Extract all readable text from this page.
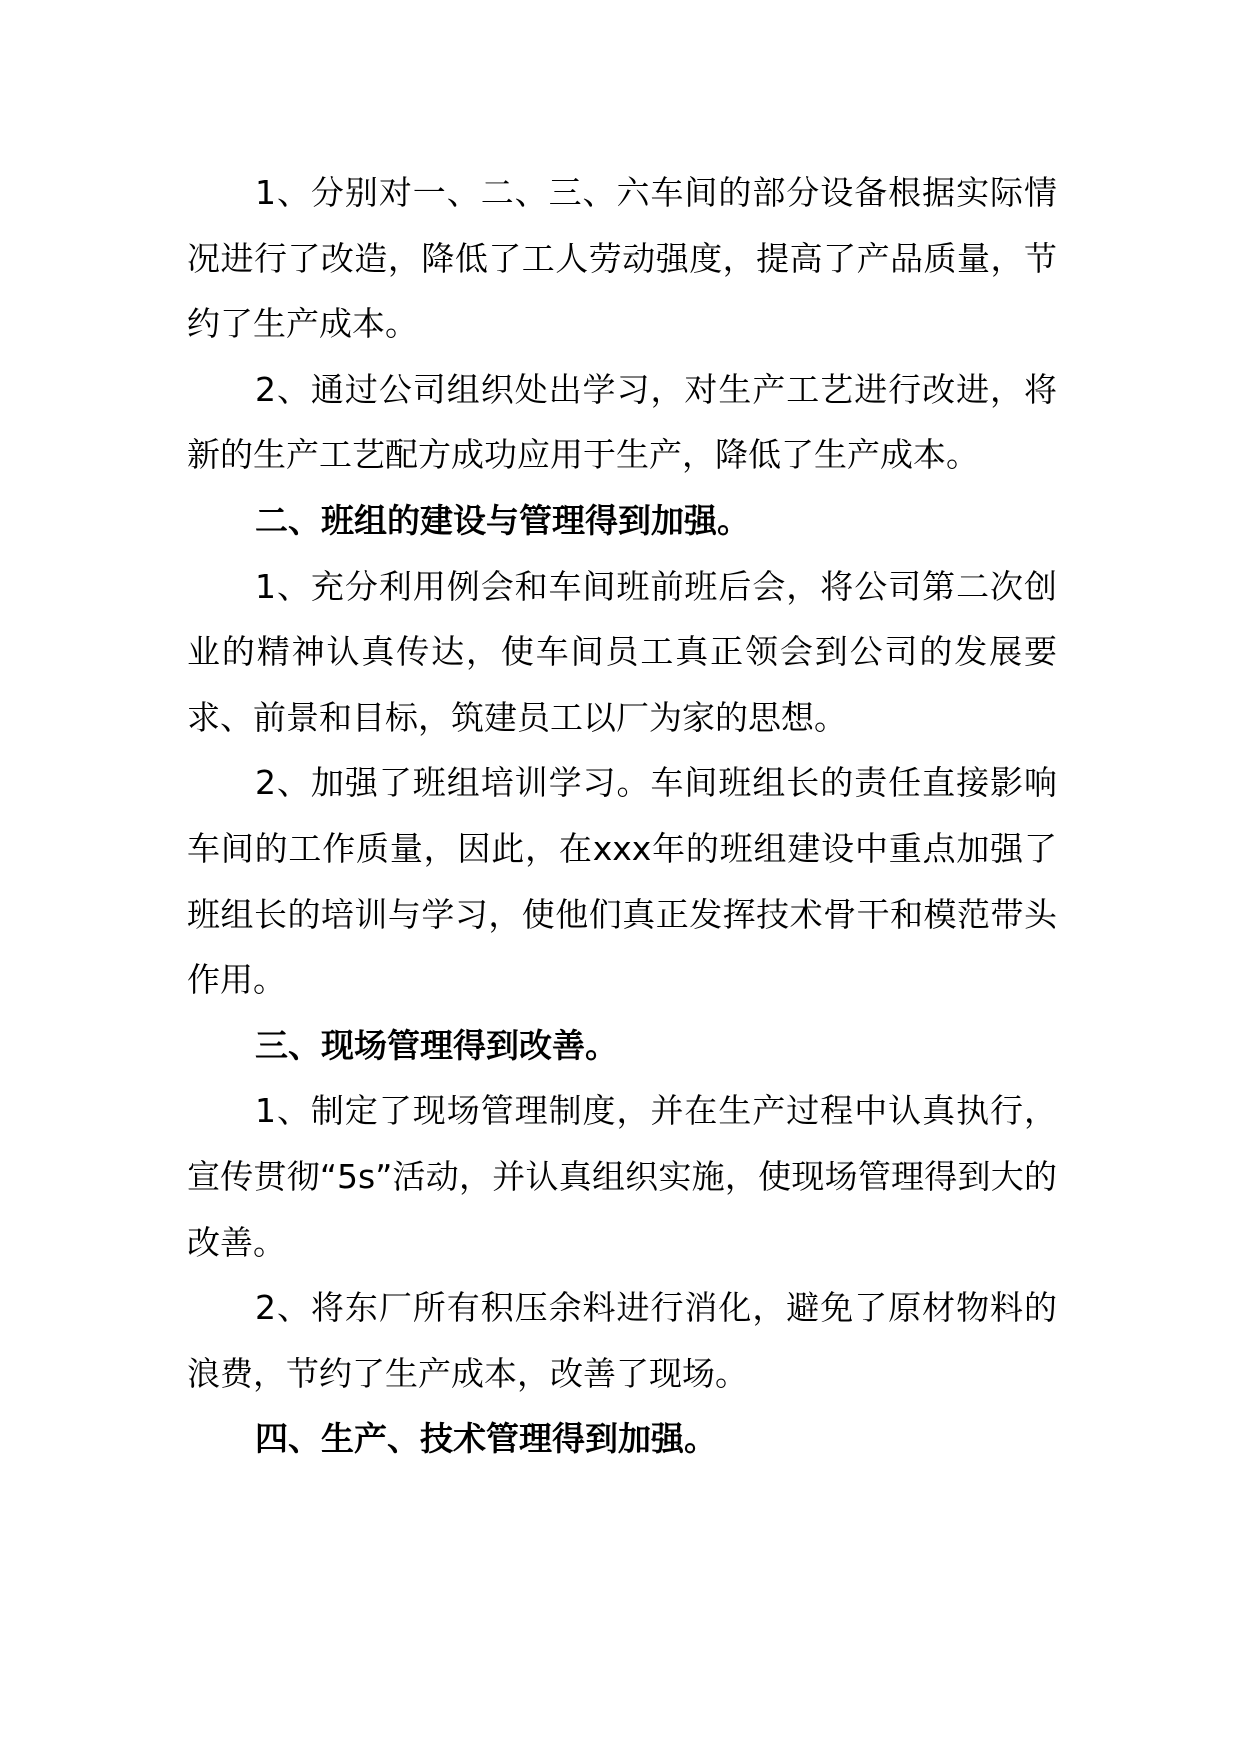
1、分别对一、二、三、六车间的部分设备根据实际情况进行了改造，降低了工人劳动强度，提高了产品质量，节约了生产成本。

2、通过公司组织处出学习，对生产工艺进行改进，将新的生产工艺配方成功应用于生产，降低了生产成本。

二、班组的建设与管理得到加强。

1、充分利用例会和车间班前班后会，将公司第二次创业的精神认真传达，使车间员工真正领会到公司的发展要求、前景和目标，筑建员工以厂为家的思想。

2、加强了班组培训学习。车间班组长的责任直接影响车间的工作质量，因此，在xxx年的班组建设中重点加强了班组长的培训与学习，使他们真正发挥技术骨干和模范带头作用。

三、现场管理得到改善。

1、制定了现场管理制度，并在生产过程中认真执行，宣传贯彻“5s”活动，并认真组织实施，使现场管理得到大的改善。

2、将东厂所有积压余料进行消化，避免了原材物料的浪费，节约了生产成本，改善了现场。

四、生产、技术管理得到加强。
